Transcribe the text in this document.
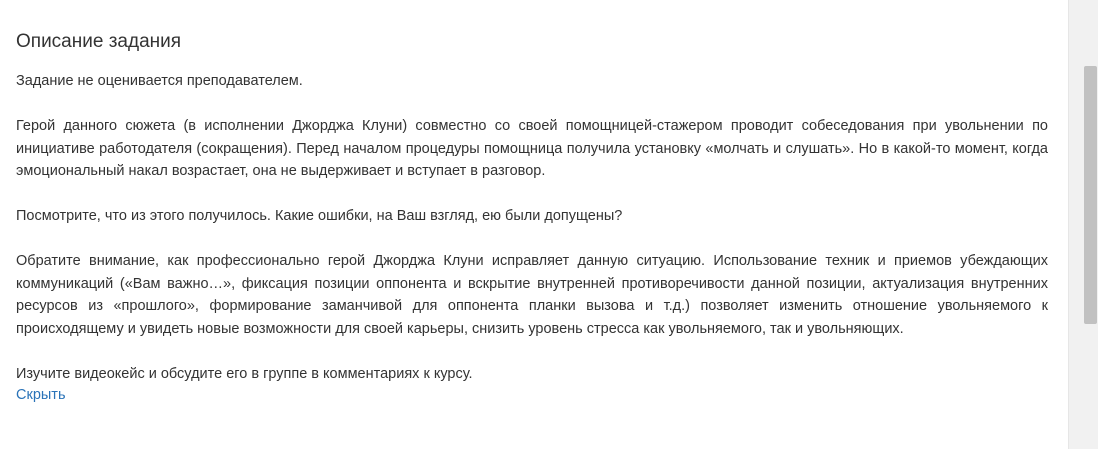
Описание задания

Задание не оценивается преподавателем.

Герой данного сюжета (в исполнении Джорджа Клуни) совместно со своей помощницей-стажером проводит собеседования при увольнении по инициативе работодателя (сокращения). Перед началом процедуры помощница получила установку «молчать и слушать». Но в какой-то момент, когда эмоциональный накал возрастает, она не выдерживает и вступает в разговор.

Посмотрите, что из этого получилось. Какие ошибки, на Ваш взгляд, ею были допущены?

Обратите внимание, как профессионально герой Джорджа Клуни исправляет данную ситуацию. Использование техник и приемов убеждающих коммуникаций («Вам важно…», фиксация позиции оппонента и вскрытие внутренней противоречивости данной позиции, актуализация внутренних ресурсов из «прошлого», формирование заманчивой для оппонента планки вызова и т.д.) позволяет изменить отношение увольняемого к происходящему и увидеть новые возможности для своей карьеры, снизить уровень стресса как увольняемого, так и увольняющих.

Изучите видеокейс и обсудите его в группе в комментариях к курсу.

Скрыть
